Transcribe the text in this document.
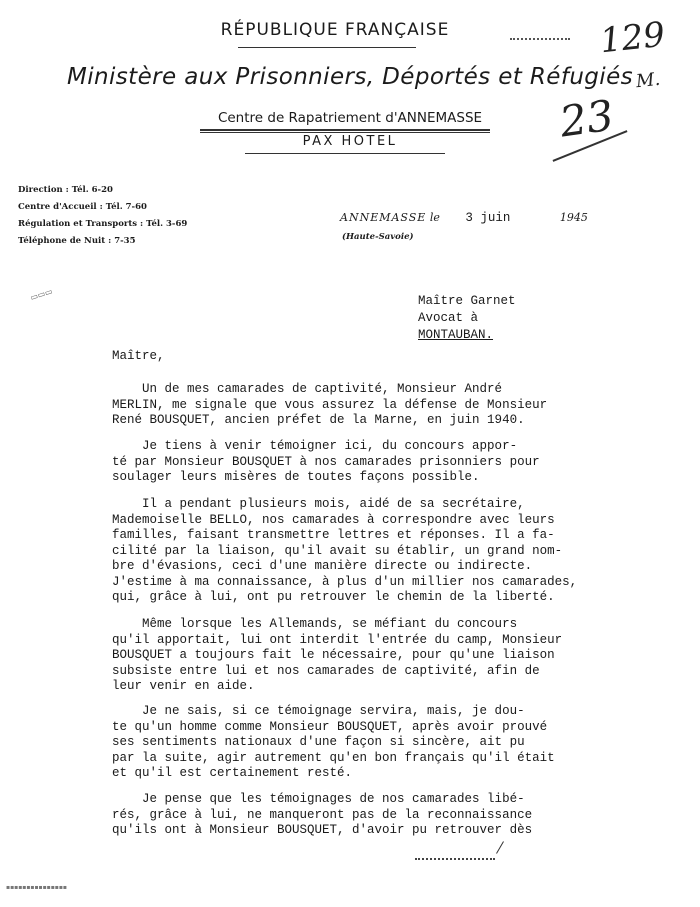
RÉPUBLIQUE FRANÇAISE
Ministère aux Prisonniers, Déportés et Réfugiés
Centre de Rapatriement d'ANNEMASSE
PAX HOTEL
129
M.
23
Direction : Tél. 6-20
Centre d'Accueil : Tél. 7-60
Régulation et Transports : Tél. 3-69
Téléphone de Nuit : 7-35
▭▭▭
ANNEMASSE le 3 juin	1945
(Haute-Savoie)
Maître Garnet
Avocat à
MONTAUBAN.
Maître,
Un de mes camarades de captivité, Monsieur André
MERLIN, me signale que vous assurez la défense de Monsieur
René BOUSQUET, ancien préfet de la Marne, en juin 1940.
Je tiens à venir témoigner ici, du concours appor-
té par Monsieur BOUSQUET à nos camarades prisonniers pour
soulager leurs misères de toutes façons possible.
Il a pendant plusieurs mois, aidé de sa secrétaire,
Mademoiselle BELLO, nos camarades à correspondre avec leurs
familles, faisant transmettre lettres et réponses. Il a fa-
cilité par la liaison, qu'il avait su établir, un grand nom-
bre d'évasions, ceci d'une manière directe ou indirecte.
J'estime à ma connaissance, à plus d'un millier nos camarades,
qui, grâce à lui, ont pu retrouver le chemin de la liberté.
Même lorsque les Allemands, se méfiant du concours
qu'il apportait, lui ont interdit l'entrée du camp, Monsieur
BOUSQUET a toujours fait le nécessaire, pour qu'une liaison
subsiste entre lui et nos camarades de captivité, afin de
leur venir en aide.
Je ne sais, si ce témoignage servira, mais, je dou-
te qu'un homme comme Monsieur BOUSQUET, après avoir prouvé
ses sentiments nationaux d'une façon si sincère, ait pu
par la suite, agir autrement qu'en bon français qu'il était
et qu'il est certainement resté.
Je pense que les témoignages de nos camarades libé-
rés, grâce à lui, ne manqueront pas de la reconnaissance
qu'ils ont à Monsieur BOUSQUET, d'avoir pu retrouver dès
▪▪▪▪▪▪▪▪▪▪▪▪▪▪▪
